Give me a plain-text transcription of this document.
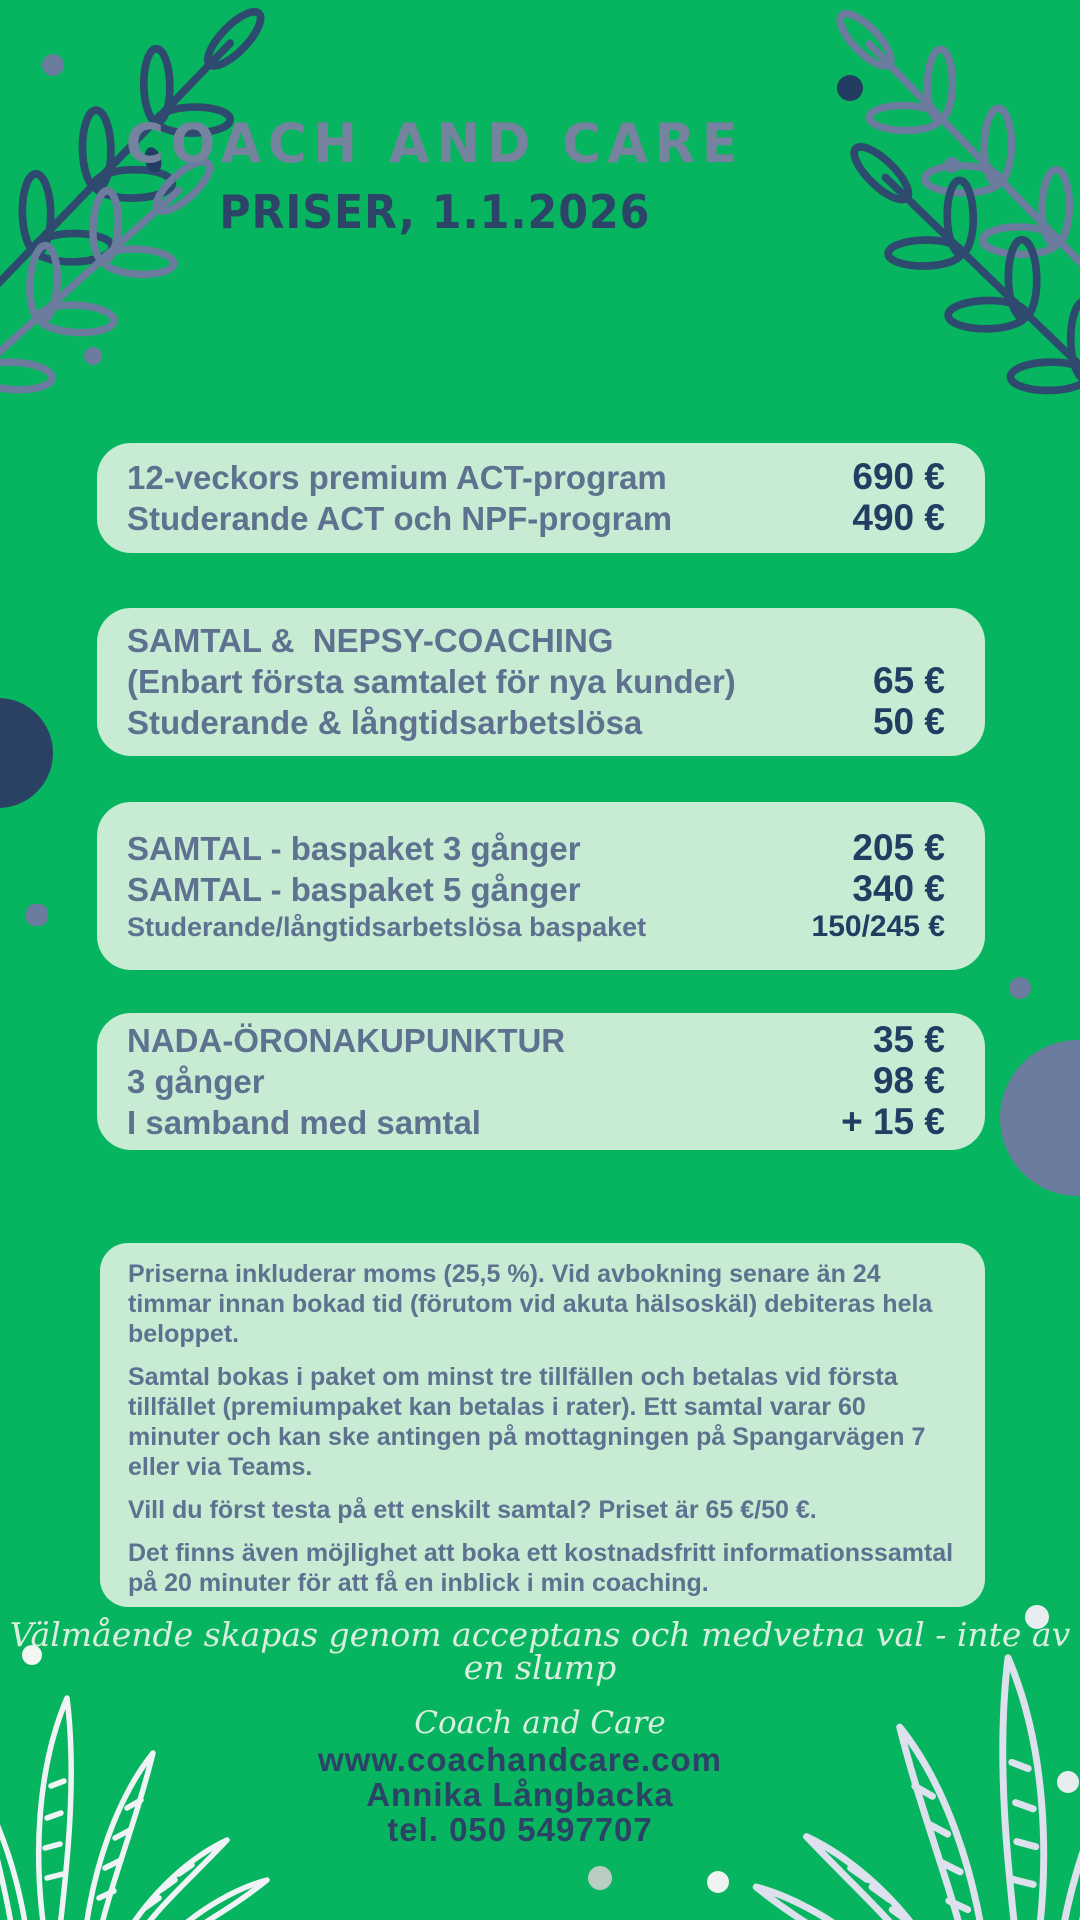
COACH AND CARE
PRISER, 1.1.2026
12-veckors premium ACT-program	690 €
Studerande ACT och NPF-program	490 €
SAMTAL &  NEPSY-COACHING
(Enbart första samtalet för nya kunder)	65 €
Studerande & långtidsarbetslösa	50 €
SAMTAL - baspaket 3 gånger	205 €
SAMTAL - baspaket 5 gånger	340 €
Studerande/långtidsarbetslösa baspaket	150/245 €
NADA-ÖRONAKUPUNKTUR	35 €
3 gånger	98 €
I samband med samtal	+ 15 €

Priserna inkluderar moms (25,5 %). Vid avbokning senare än 24 timmar innan bokad tid (förutom vid akuta hälsoskäl) debiteras hela beloppet.

Samtal bokas i paket om minst tre tillfällen och betalas vid första tillfället (premiumpaket kan betalas i rater). Ett samtal varar 60 minuter och kan ske antingen på mottagningen på Spangarvägen 7 eller via Teams.

Vill du först testa på ett enskilt samtal? Priset är 65 €/50 €.

Det finns även möjlighet att boka ett kostnadsfritt informationssamtal på 20 minuter för att få en inblick i min coaching.

Välmående skapas genom acceptans och medvetna val - inte av en slump

Coach and Care

www.coachandcare.com
Annika Långbacka
tel. 050 5497707
